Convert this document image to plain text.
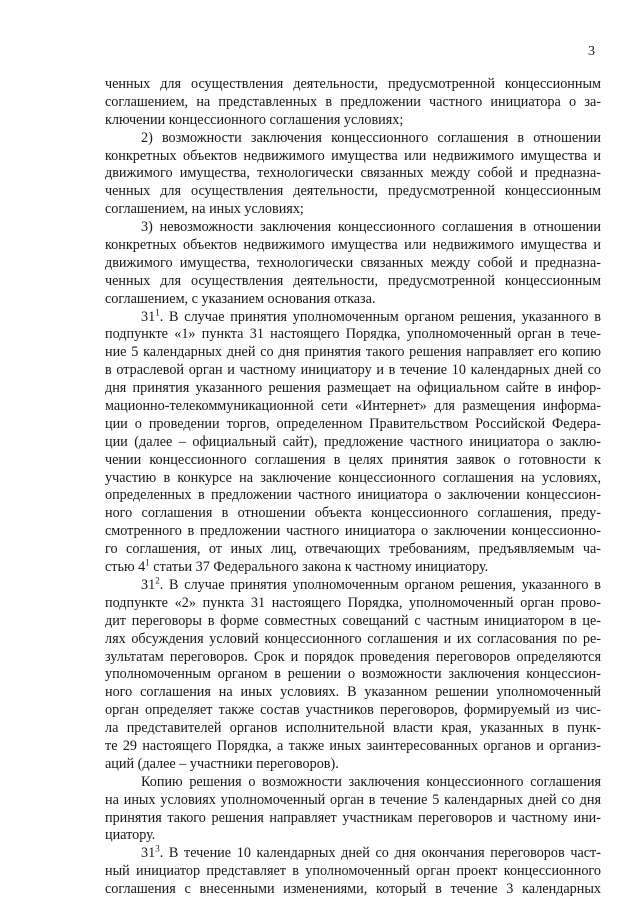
3
ченных для осуществления деятельности, предусмотренной концессионным
соглашением, на представленных в предложении частного инициатора о за-
ключении концессионного соглашения условиях;
2) возможности заключения концессионного соглашения в отношении
конкретных объектов недвижимого имущества или недвижимого имущества и
движимого имущества, технологически связанных между собой и предназна-
ченных для осуществления деятельности, предусмотренной концессионным
соглашением, на иных условиях;
3) невозможности заключения концессионного соглашения в отношении
конкретных объектов недвижимого имущества или недвижимого имущества и
движимого имущества, технологически связанных между собой и предназна-
ченных для осуществления деятельности, предусмотренной концессионным
соглашением, с указанием основания отказа.
$31^1$. В случае принятия уполномоченным органом решения, указанного в
подпункте «1» пункта 31 настоящего Порядка, уполномоченный орган в тече-
ние 5 календарных дней со дня принятия такого решения направляет его копию
в отраслевой орган и частному инициатору и в течение 10 календарных дней со
дня принятия указанного решения размещает на официальном сайте в инфор-
мационно-телекоммуникационной сети «Интернет» для размещения информа-
ции о проведении торгов, определенном Правительством Российской Федера-
ции (далее – официальный сайт), предложение частного инициатора о заклю-
чении концессионного соглашения в целях принятия заявок о готовности к
участию в конкурсе на заключение концессионного соглашения на условиях,
определенных в предложении частного инициатора о заключении концессион-
ного соглашения в отношении объекта концессионного соглашения, преду-
смотренного в предложении частного инициатора о заключении концессионно-
го соглашения, от иных лиц, отвечающих требованиям, предъявляемым ча-
стью $4^1$ статьи 37 Федерального закона к частному инициатору.
$31^2$. В случае принятия уполномоченным органом решения, указанного в
подпункте «2» пункта 31 настоящего Порядка, уполномоченный орган прово-
дит переговоры в форме совместных совещаний с частным инициатором в це-
лях обсуждения условий концессионного соглашения и их согласования по ре-
зультатам переговоров. Срок и порядок проведения переговоров определяются
уполномоченным органом в решении о возможности заключения концессион-
ного соглашения на иных условиях. В указанном решении уполномоченный
орган определяет также состав участников переговоров, формируемый из чис-
ла представителей органов исполнительной власти края, указанных в пунк-
те 29 настоящего Порядка, а также иных заинтересованных органов и организ-
аций (далее – участники переговоров).
Копию решения о возможности заключения концессионного соглашения
на иных условиях уполномоченный орган в течение 5 календарных дней со дня
принятия такого решения направляет участникам переговоров и частному ини-
циатору.
$31^3$. В течение 10 календарных дней со дня окончания переговоров част-
ный инициатор представляет в уполномоченный орган проект концессионного
соглашения с внесенными изменениями, который в течение 3 календарных
